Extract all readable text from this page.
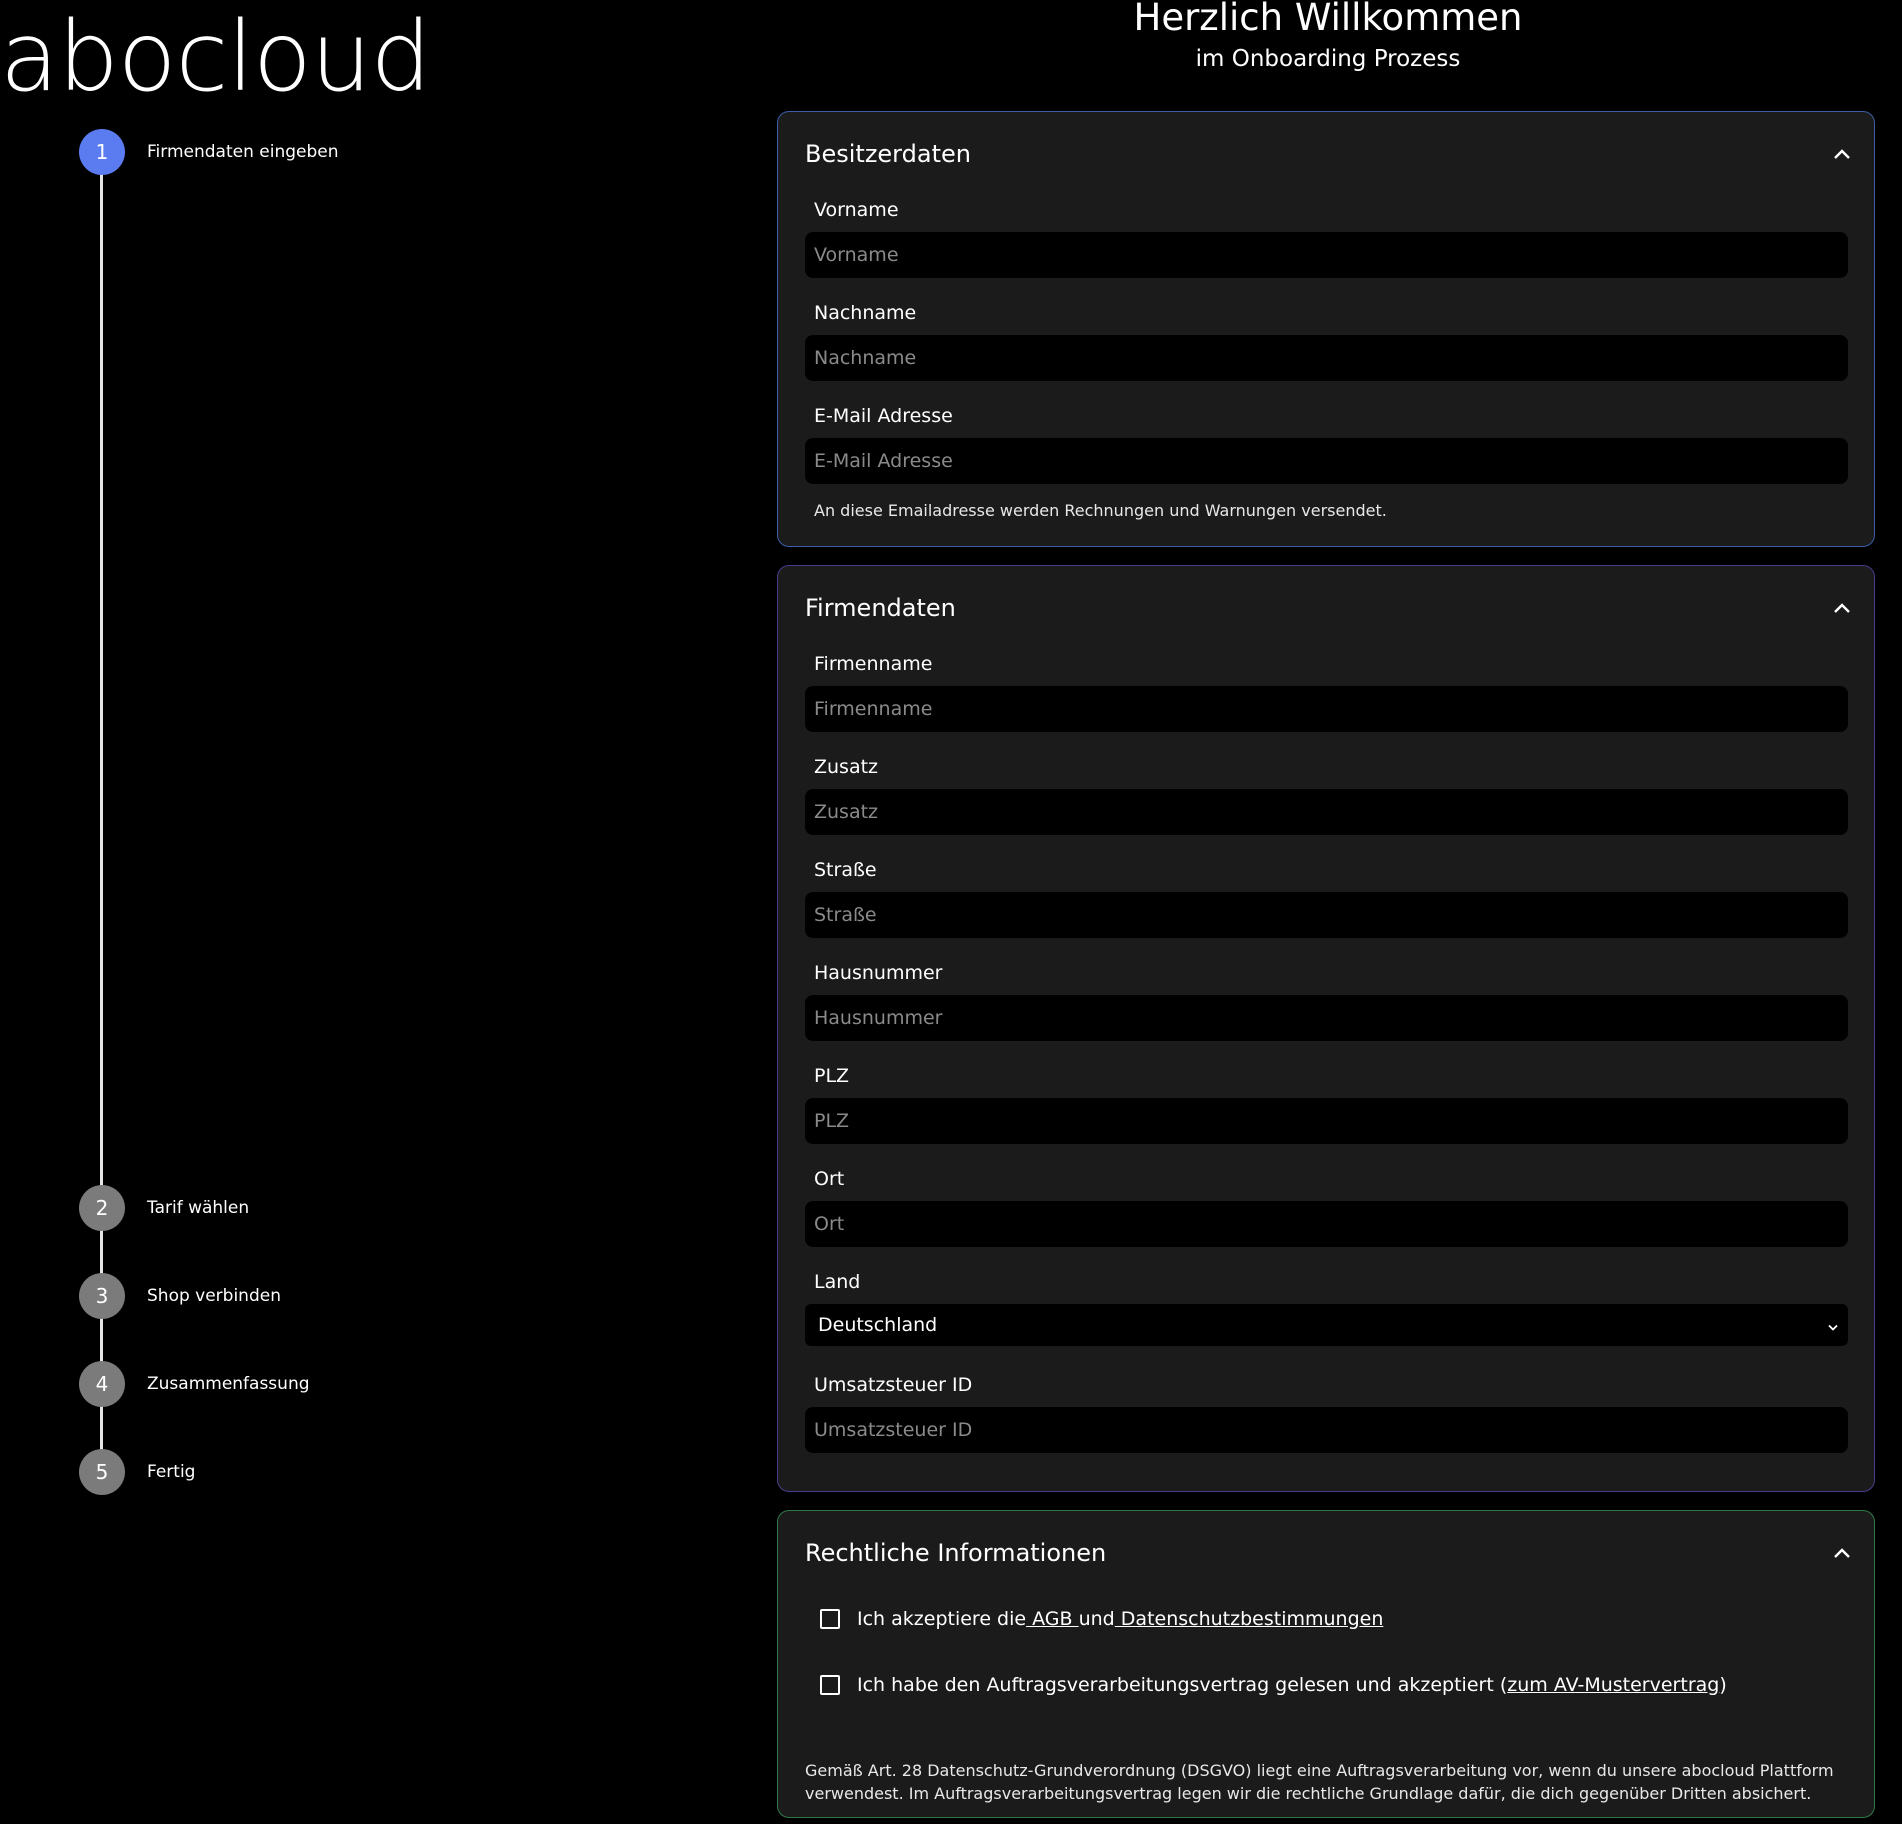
abocloud
1	Firmendaten eingeben
2	Tarif wählen
3	Shop verbinden
4	Zusammenfassung
5	Fertig
Herzlich Willkommen
im Onboarding Prozess
Besitzerdaten
Vorname
Vorname
Nachname
Nachname
E-Mail Adresse
E-Mail Adresse
An diese Emailadresse werden Rechnungen und Warnungen versendet.
Firmendaten
Firmenname
Firmenname
Zusatz
Zusatz
Straße
Straße
Hausnummer
Hausnummer
PLZ
PLZ
Ort
Ort
Land
Deutschland
Umsatzsteuer ID
Umsatzsteuer ID
Rechtliche Informationen
Ich akzeptiere die AGB und Datenschutzbestimmungen
Ich habe den Auftragsverarbeitungsvertrag gelesen und akzeptiert ( zum AV-Mustervertrag )
Gemäß Art. 28 Datenschutz-Grundverordnung (DSGVO) liegt eine Auftragsverarbeitung vor, wenn du unsere abocloud Plattform verwendest. Im Auftragsverarbeitungsvertrag legen wir die rechtliche Grundlage dafür, die dich gegenüber Dritten absichert.
